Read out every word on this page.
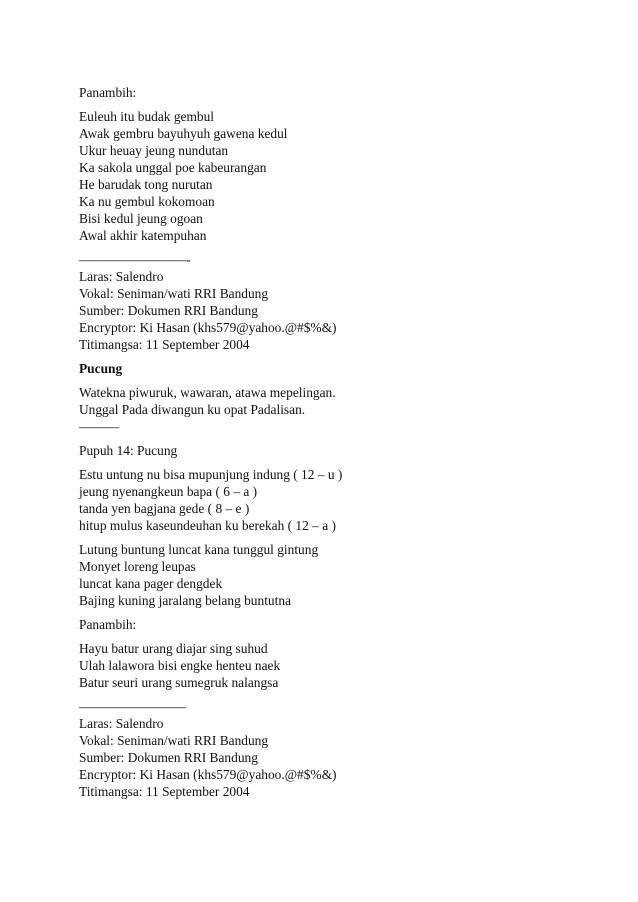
Panambih:
Euleuh itu budak gembul
Awak gembru bayuhyuh gawena kedul
Ukur heuay jeung nundutan
Ka sakola unggal poe kabeurangan
He barudak tong nurutan
Ka nu gembul kokomoan
Bisi kedul jeung ogoan
Awal akhir katempuhan
————————-
Laras: Salendro
Vokal: Seniman/wati RRI Bandung
Sumber: Dokumen RRI Bandung
Encryptor: Ki Hasan (khs579@yahoo.@#$%&)
Titimangsa: 11 September 2004
Pucung
Watekna piwuruk, wawaran, atawa mepelingan.
Unggal Pada diwangun ku opat Padalisan.
———
Pupuh 14: Pucung
Estu untung nu bisa mupunjung indung ( 12 – u )
jeung nyenangkeun bapa ( 6 – a )
tanda yen bagjana gede ( 8 – e )
hitup mulus kaseundeuhan ku berekah ( 12 – a )
Lutung buntung luncat kana tunggul gintung
Monyet loreng leupas
luncat kana pager dengdek
Bajing kuning jaralang belang buntutna
Panambih:
Hayu batur urang diajar sing suhud
Ulah lalawora bisi engke henteu naek
Batur seuri urang sumegruk nalangsa
————————
Laras: Salendro
Vokal: Seniman/wati RRI Bandung
Sumber: Dokumen RRI Bandung
Encryptor: Ki Hasan (khs579@yahoo.@#$%&)
Titimangsa: 11 September 2004
